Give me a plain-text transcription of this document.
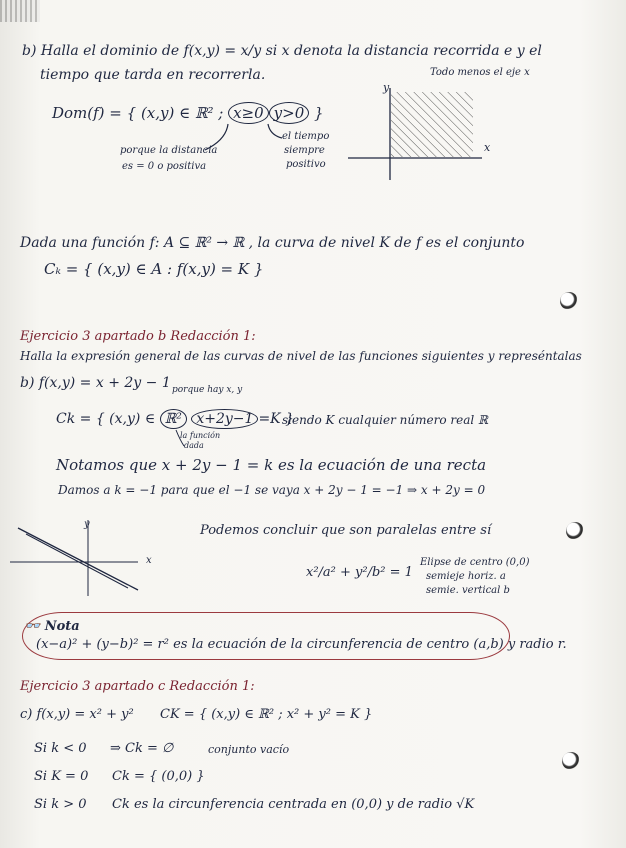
b) Halla el dominio de f(x,y) = x/y si x denota la distancia recorrida e y el
tiempo que tarda en recorrerla.
Dom(f) = { (x,y) ∈ ℝ² ; x≥0 y>0 }
porque la distancia
es = 0 o positiva
el tiempo
siempre
positivo
Todo menos el eje x
y
x
Dada una función f: A ⊆ ℝ² → ℝ , la curva de nivel K de f es el conjunto
Cₖ = { (x,y) ∈ A : f(x,y) = K }
Ejercicio 3 apartado b Redacción 1:
Halla la expresión general de las curvas de nivel de las funciones siguientes y represéntalas
b) f(x,y) = x + 2y − 1 porque hay x, y
Ck = { (x,y) ∈ ℝ² x+2y−1 =K }
la función
dada
siendo K cualquier número real ℝ
Notamos que x + 2y − 1 = k es la ecuación de una recta
Damos a k = −1 para que el −1 se vaya x + 2y − 1 = −1 ⇒ x + 2y = 0
y
x
Podemos concluir que son paralelas entre sí
x²/a² + y²/b² = 1
Elipse de centro (0,0)
semieje horiz. a
semie. vertical b
👓 Nota
(x−a)² + (y−b)² = r² es la ecuación de la circunferencia de centro (a,b) y radio r.
Ejercicio 3 apartado c Redacción 1:
c) f(x,y) = x² + y² CK = { (x,y) ∈ ℝ² ; x² + y² = K }
Si k < 0 ⇒ Ck = ∅	conjunto vacío
Si K = 0 Ck = { (0,0) }
Si k > 0 Ck es la circunferencia centrada en (0,0) y de radio √K
